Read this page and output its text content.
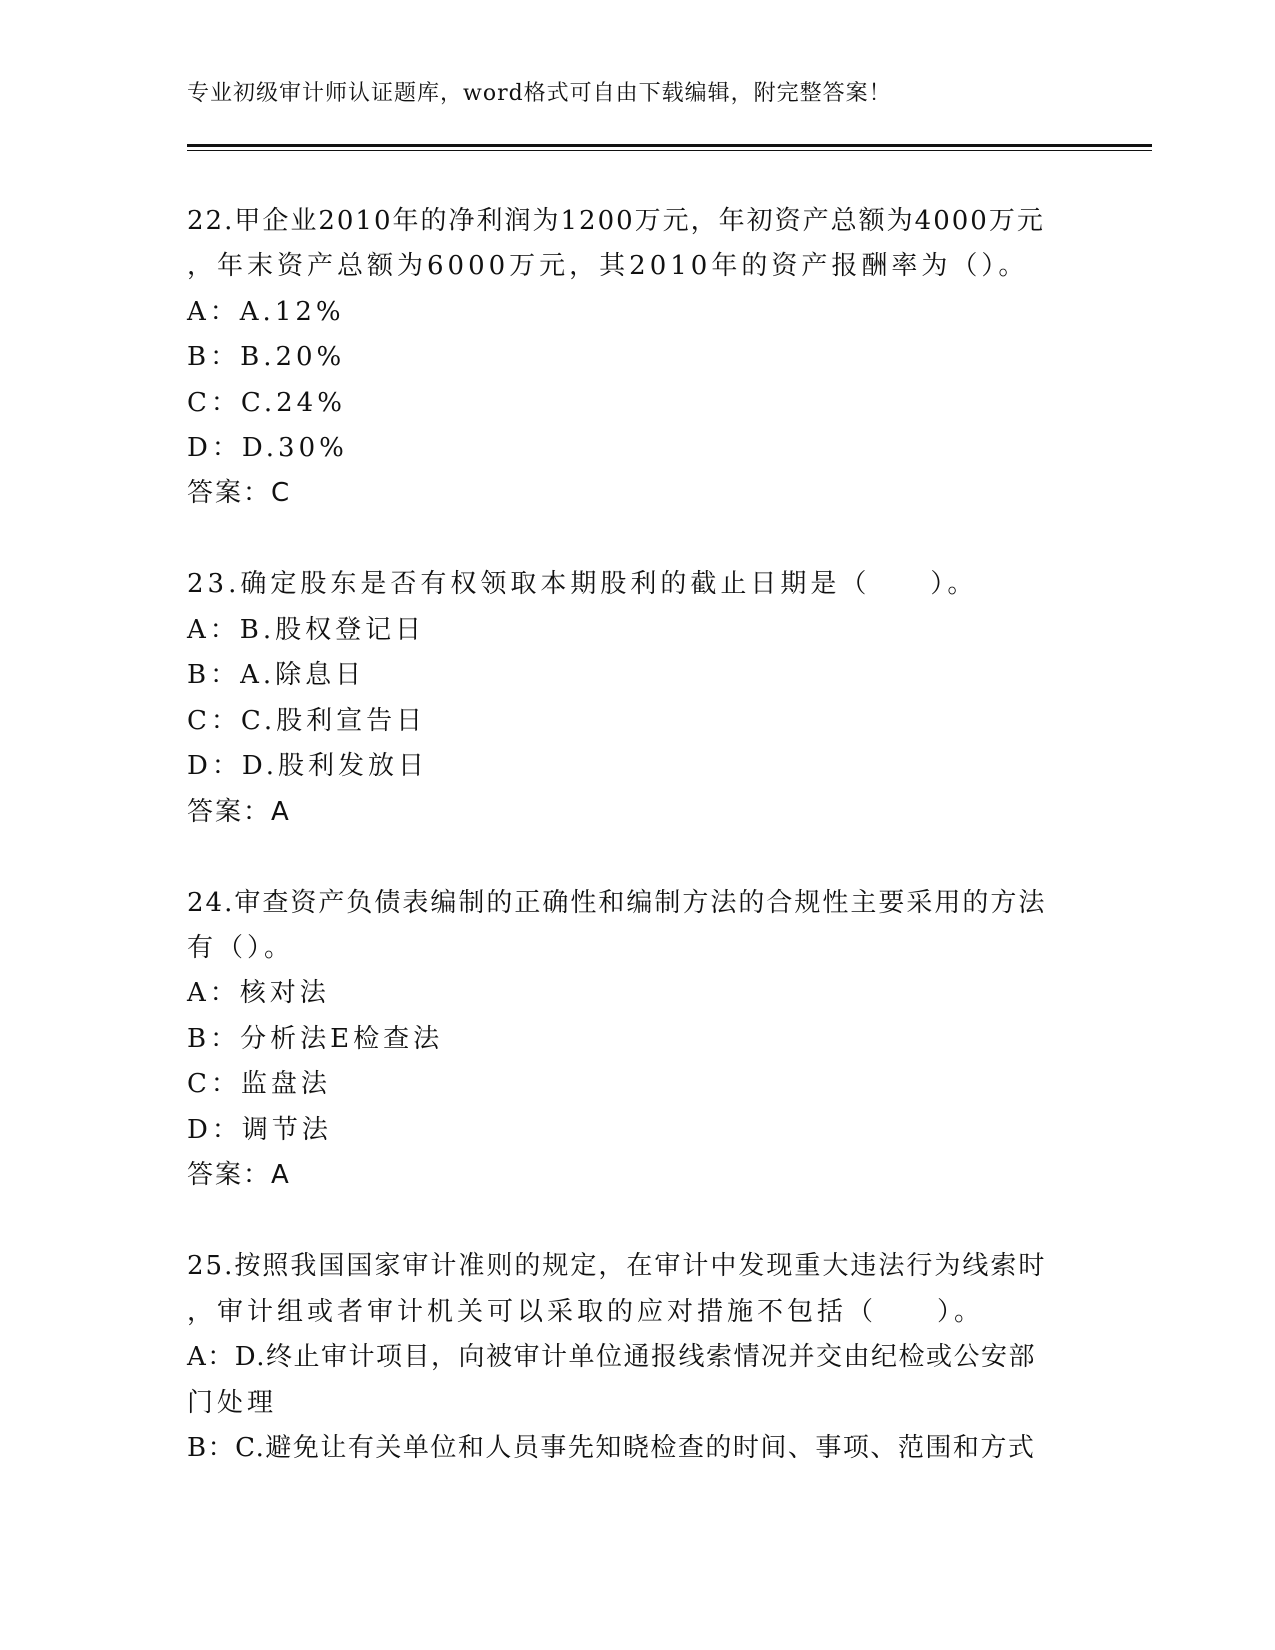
专业初级审计师认证题库，word格式可自由下载编辑，附完整答案！
22.甲企业2010年的净利润为1200万元，年初资产总额为4000万元
，年末资产总额为6000万元，其2010年的资产报酬率为（）。
A：A.12%
B：B.20%
C：C.24%
D：D.30%
答案：C
23.确定股东是否有权领取本期股利的截止日期是（　　）。
A：B.股权登记日
B：A.除息日
C：C.股利宣告日
D：D.股利发放日
答案：A
24.审查资产负债表编制的正确性和编制方法的合规性主要采用的方法
有（）。
A：核对法
B：分析法E检查法
C：监盘法
D：调节法
答案：A
25.按照我国国家审计准则的规定，在审计中发现重大违法行为线索时
，审计组或者审计机关可以采取的应对措施不包括（　　）。
A：D.终止审计项目，向被审计单位通报线索情况并交由纪检或公安部
门处理
B：C.避免让有关单位和人员事先知晓检查的时间、事项、范围和方式
